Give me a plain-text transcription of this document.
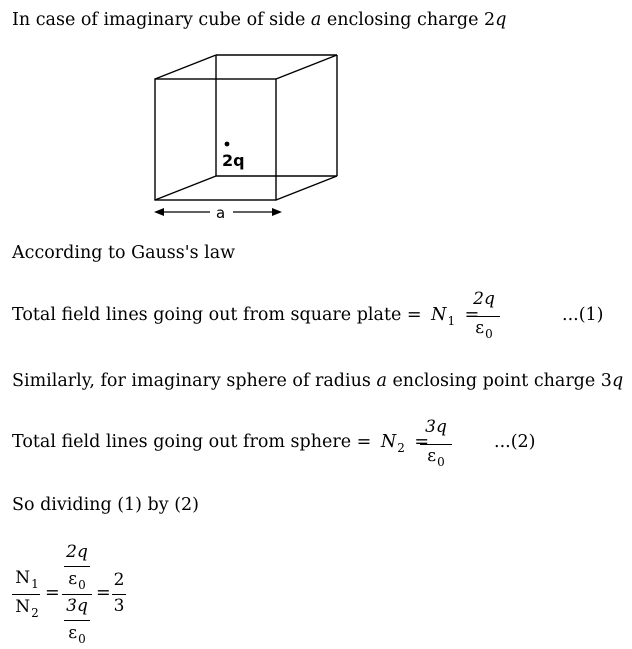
In case of imaginary cube of side a enclosing charge 2q
2q
a
According to Gauss's law
Total field lines going out from square plate = $N_1$ =
2q
$\varepsilon_0$
...(1)
Similarly, for imaginary sphere of radius a enclosing point charge 3q
Total field lines going out from sphere = $N_2$ =
3q
$\varepsilon_0$
...(2)
So dividing (1) by (2)
$N_1$
$N_2$
=
2q
$\varepsilon_0$
3q
$\varepsilon_0$
=
2
3
